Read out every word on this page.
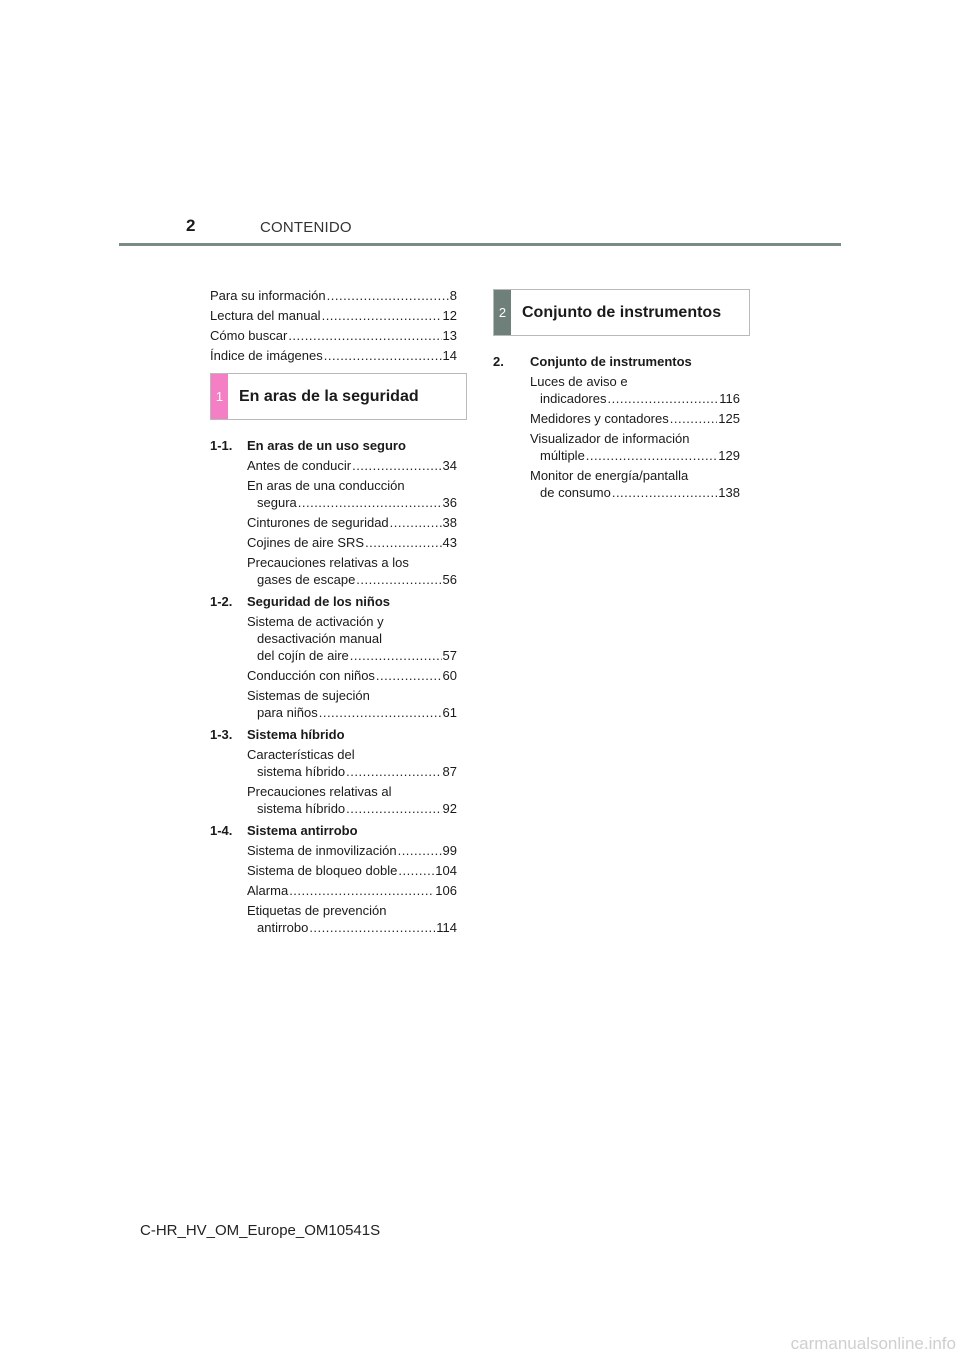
2	CONTENIDO
Para su información .....	8
Lectura del manual .....	12
Cómo buscar .....	13
Índice de imágenes .....	14
1 En aras de la seguridad
1-1. En aras de un uso seguro
Antes de conducir .....	34
En aras de una conducción
segura .....	36
Cinturones de seguridad .....	38
Cojines de aire SRS .....	43
Precauciones relativas a los
gases de escape .....	56
1-2. Seguridad de los niños
Sistema de activación y
desactivación manual
del cojín de aire .....	57
Conducción con niños .....	60
Sistemas de sujeción
para niños .....	61
1-3. Sistema híbrido
Características del
sistema híbrido .....	87
Precauciones relativas al
sistema híbrido .....	92
1-4. Sistema antirrobo
Sistema de inmovilización .....	99
Sistema de bloqueo doble .....	104
Alarma .....	106
Etiquetas de prevención
antirrobo .....	114
2 Conjunto de instrumentos
2. Conjunto de instrumentos
Luces de aviso e
indicadores .....	116
Medidores y contadores .....	125
Visualizador de información
múltiple .....	129
Monitor de energía/pantalla
de consumo .....	138
C-HR_HV_OM_Europe_OM10541S
carmanualsonline.info
